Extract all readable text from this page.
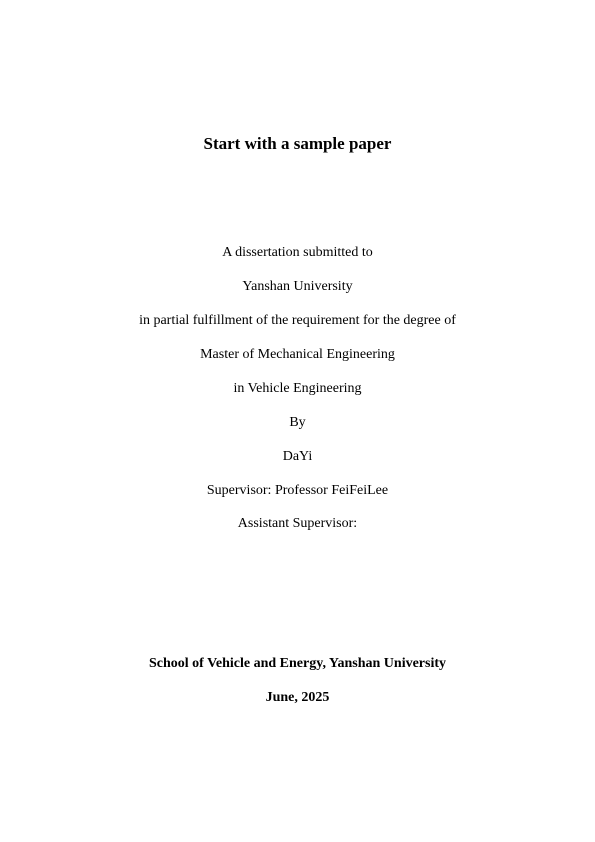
Start with a sample paper
A dissertation submitted to
Yanshan University
in partial fulfillment of the requirement for the degree of
Master of Mechanical Engineering
in Vehicle Engineering
By
DaYi
Supervisor: Professor FeiFeiLee
Assistant Supervisor:
School of Vehicle and Energy, Yanshan University
June, 2025
